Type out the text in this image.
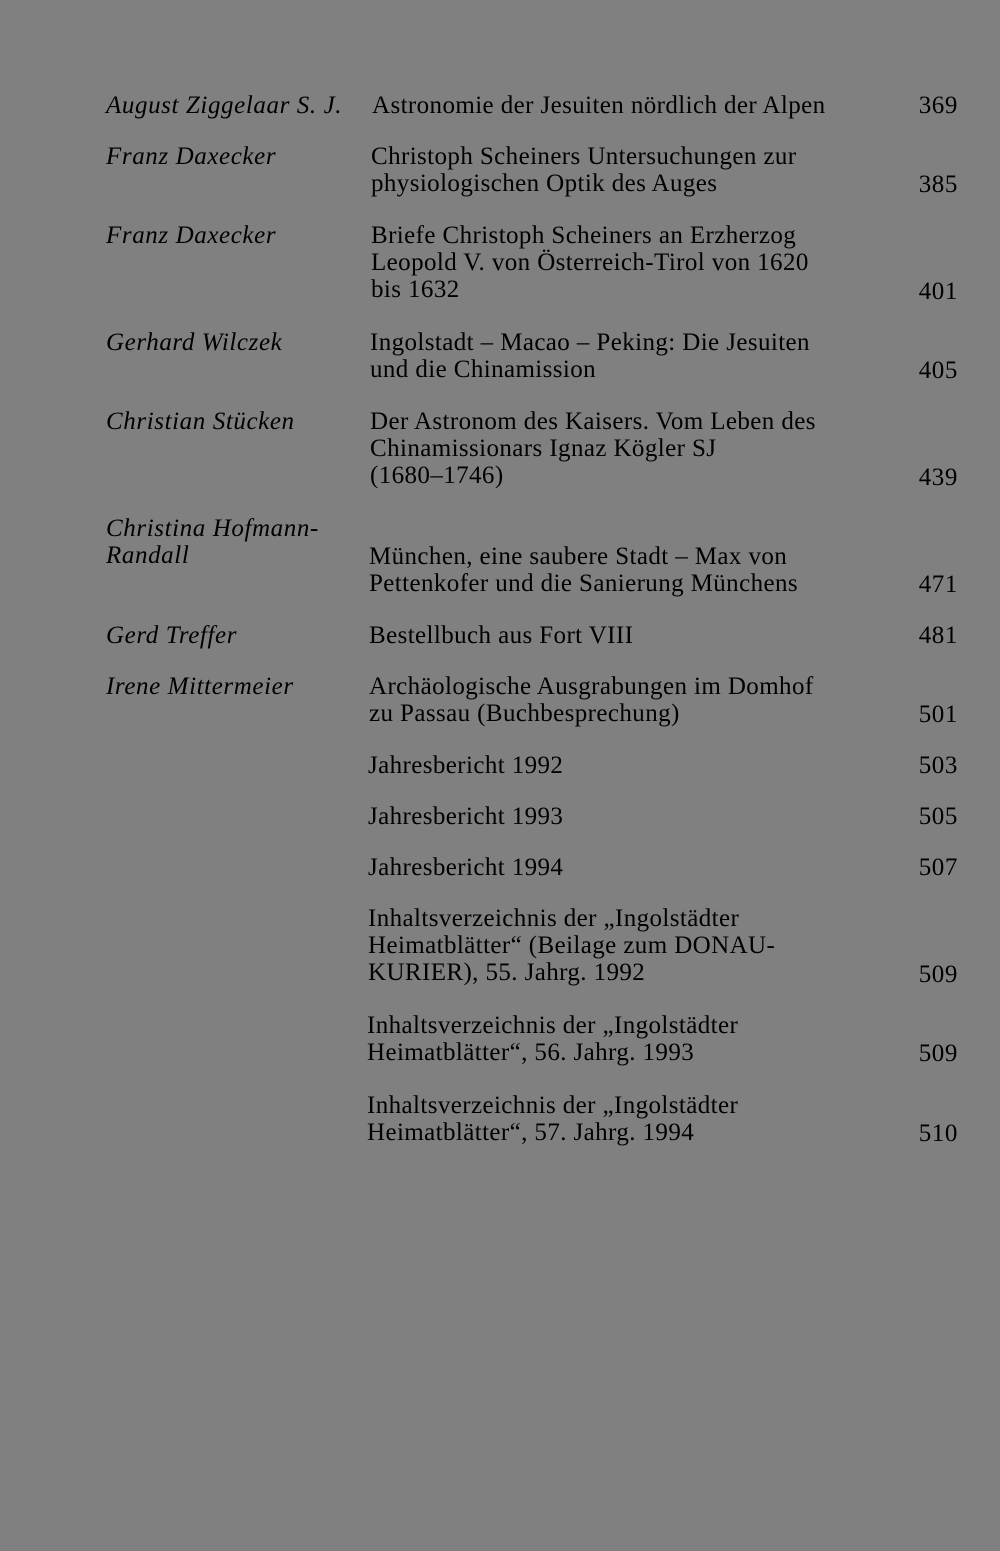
August Ziggelaar S. J.	Astronomie der Jesuiten nördlich der Alpen	369
Franz Daxecker	Christoph Scheiners Untersuchungen zur
physiologischen Optik des Auges	385
Franz Daxecker	Briefe Christoph Scheiners an Erzherzog
Leopold V. von Österreich-Tirol von 1620
bis 1632	401
Gerhard Wilczek	Ingolstadt – Macao – Peking: Die Jesuiten
und die Chinamission	405
Christian Stücken	Der Astronom des Kaisers. Vom Leben des
Chinamissionars Ignaz Kögler SJ
(1680–1746)	439
Christina Hofmann-
Randall	München, eine saubere Stadt – Max von
Pettenkofer und die Sanierung Münchens	471
Gerd Treffer	Bestellbuch aus Fort VIII	481
Irene Mittermeier	Archäologische Ausgrabungen im Domhof
zu Passau (Buchbesprechung)	501
Jahresbericht 1992	503
Jahresbericht 1993	505
Jahresbericht 1994	507
Inhaltsverzeichnis der „Ingolstädter
Heimatblätter“ (Beilage zum DONAU-
KURIER), 55. Jahrg. 1992	509
Inhaltsverzeichnis der „Ingolstädter
Heimatblätter“, 56. Jahrg. 1993	509
Inhaltsverzeichnis der „Ingolstädter
Heimatblätter“, 57. Jahrg. 1994	510
